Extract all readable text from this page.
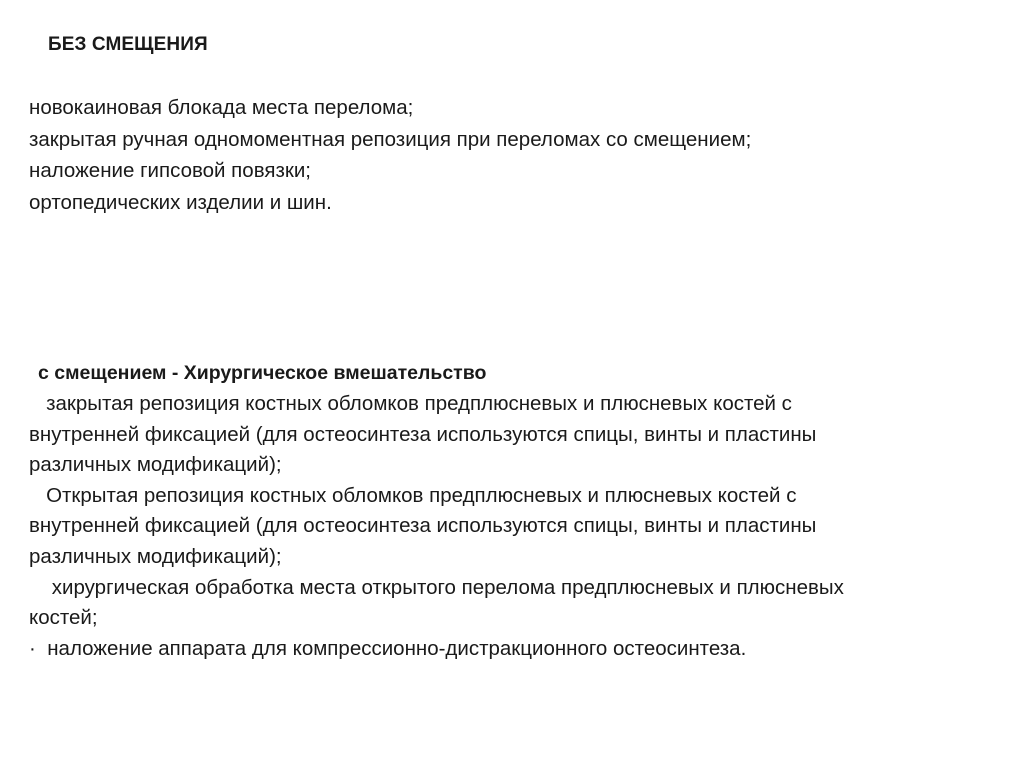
БЕЗ СМЕЩЕНИЯ
новокаиновая блокада места перелома;
закрытая ручная одномоментная репозиция при переломах со смещением;
наложение гипсовой повязки;
ортопедических изделии и шин.
с смещением - Хирургическое вмешательство
закрытая репозиция костных обломков предплюсневых и плюсневых костей с
внутренней фиксацией (для остеосинтеза используются спицы, винты и пластины
различных модификаций);
Открытая репозиция костных обломков предплюсневых и плюсневых костей с
внутренней фиксацией (для остеосинтеза используются спицы, винты и пластины
различных модификаций);
хирургическая обработка места открытого перелома предплюсневых и плюсневых
костей;
·  наложение аппарата для компрессионно-дистракционного остеосинтеза.
